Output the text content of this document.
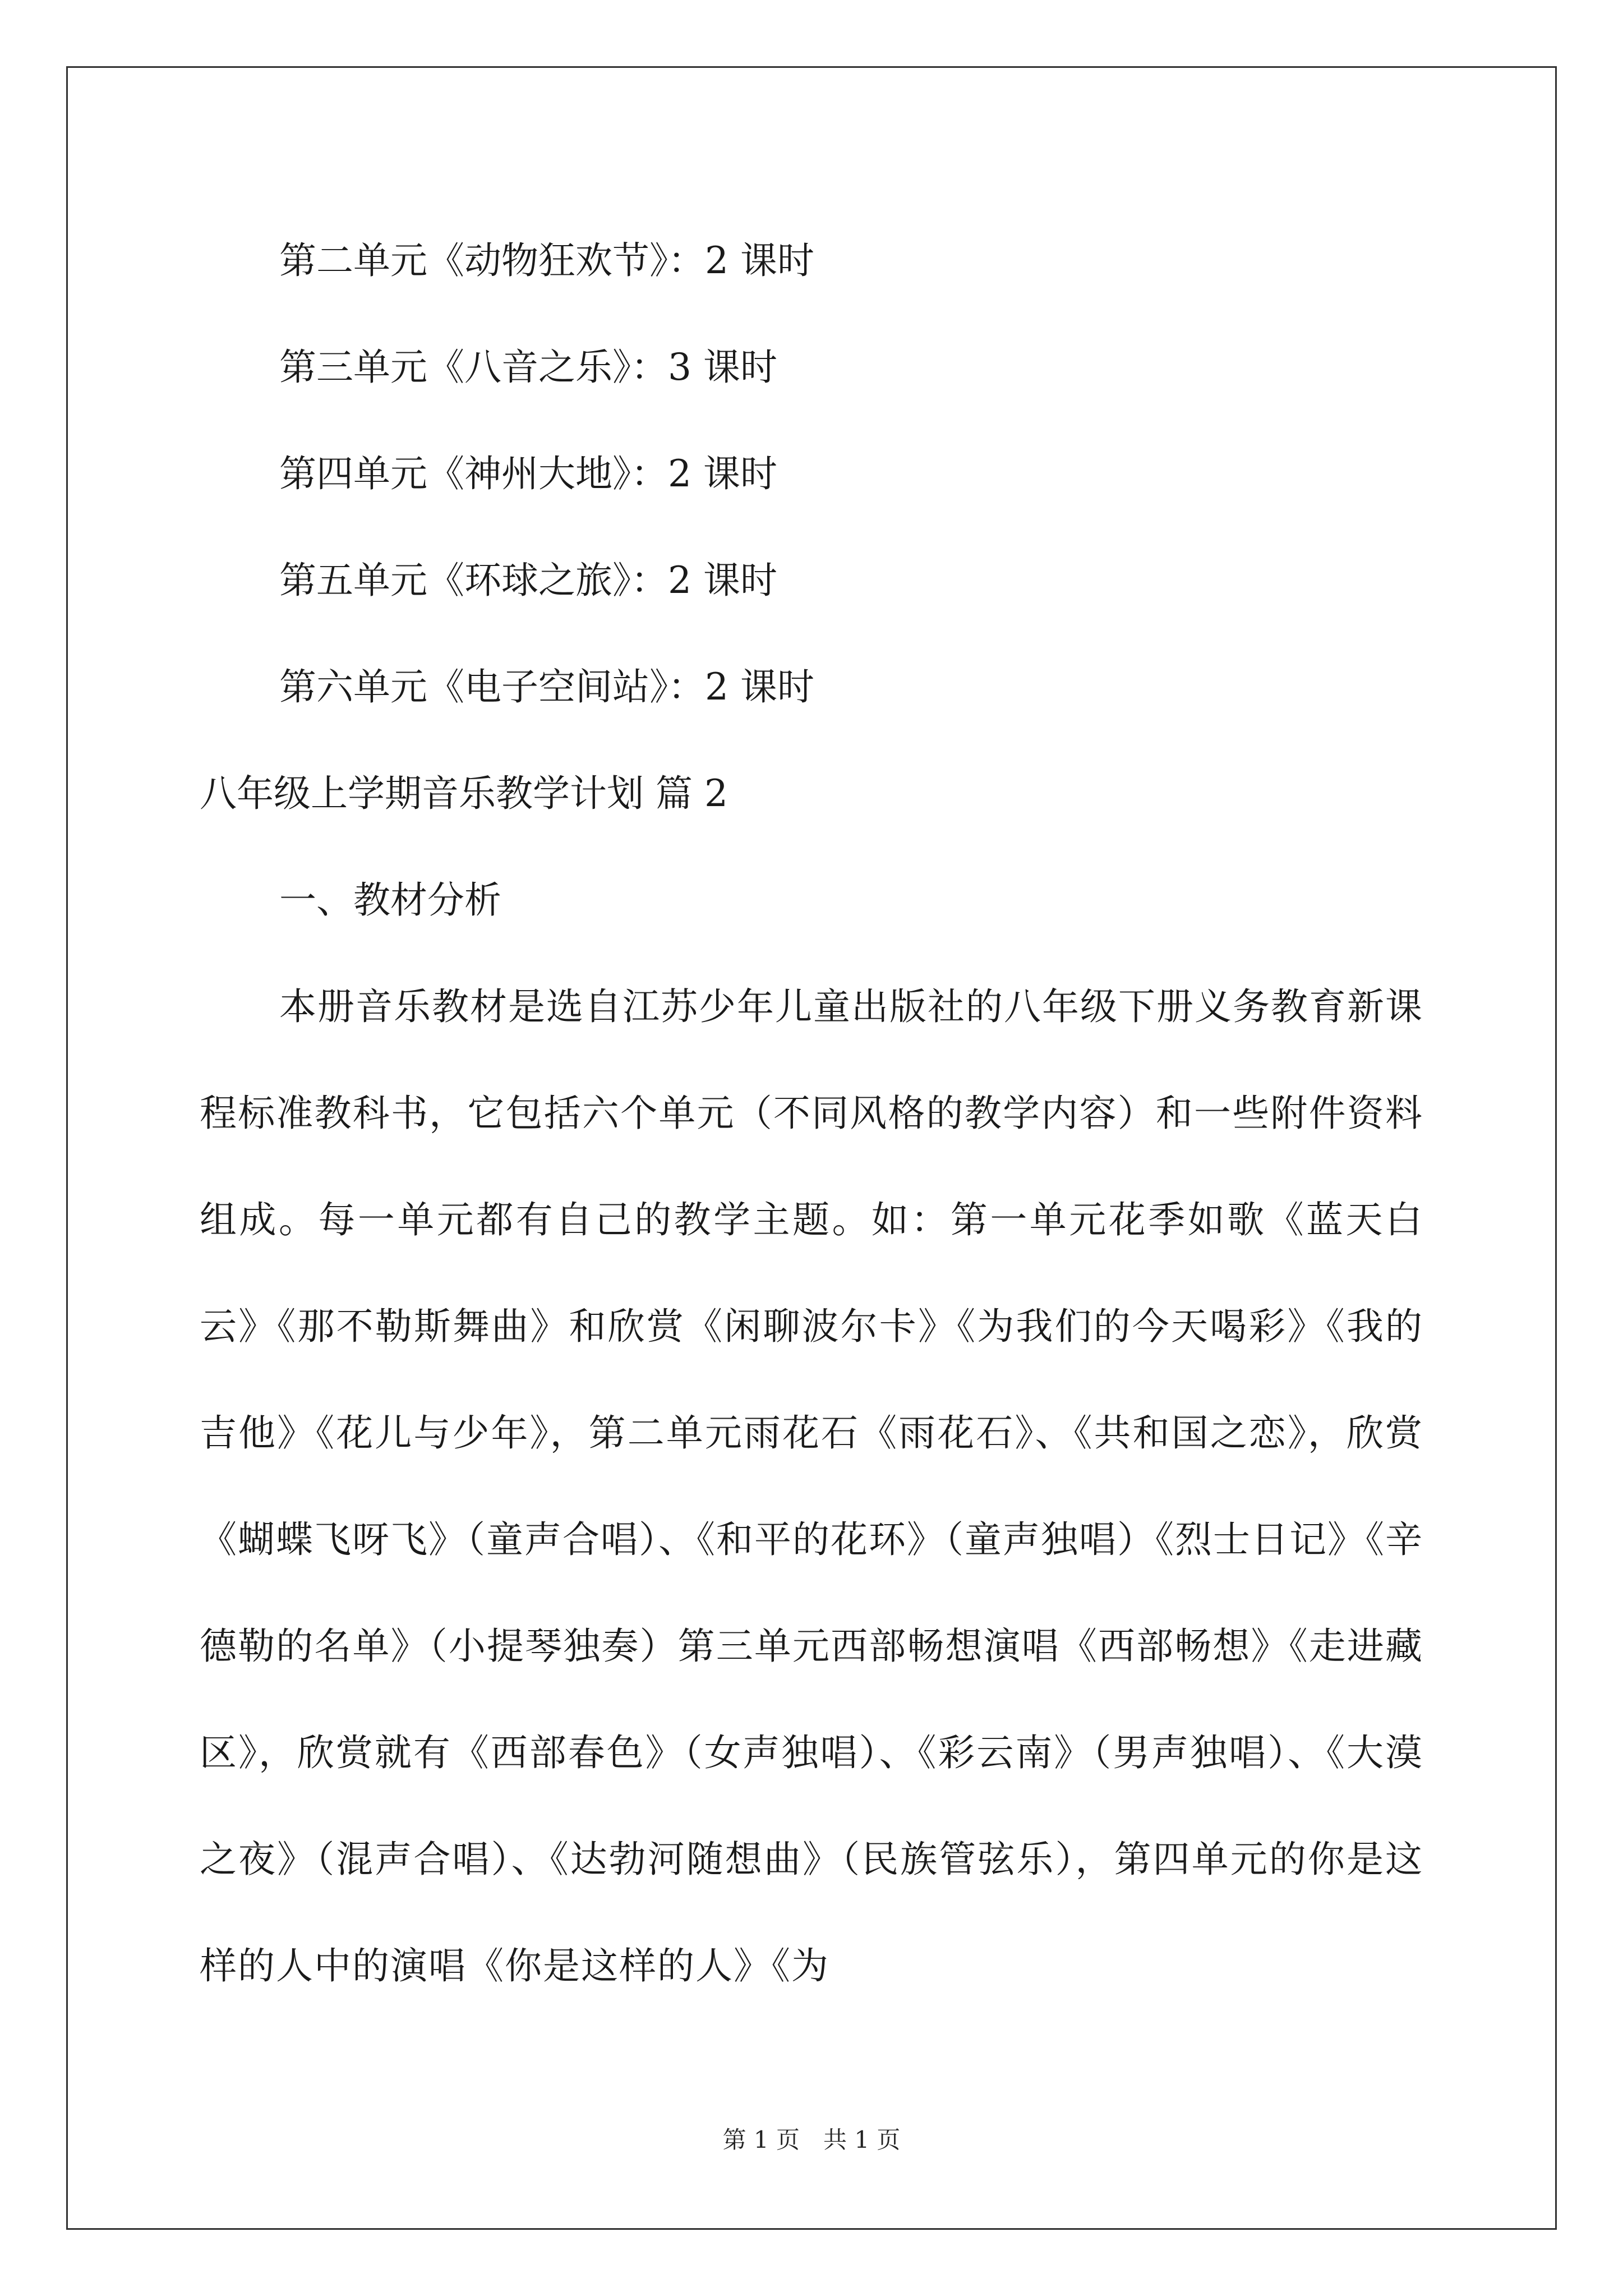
第二单元《动物狂欢节》：2 课时
第三单元《八音之乐》：3 课时
第四单元《神州大地》：2 课时
第五单元《环球之旅》：2 课时
第六单元《电子空间站》：2 课时
八年级上学期音乐教学计划 篇 2
一、教材分析
本册音乐教材是选自江苏少年儿童出版社的八年级下册义务教育新课程标准教科书，它包括六个单元（不同风格的教学内容）和一些附件资料组成。每一单元都有自己的教学主题。如：第一单元花季如歌《蓝天白云》《那不勒斯舞曲》和欣赏《闲聊波尔卡》《为我们的今天喝彩》《我的吉他》《花儿与少年》，第二单元雨花石《雨花石》、《共和国之恋》，欣赏《蝴蝶飞呀飞》（童声合唱）、《和平的花环》（童声独唱）《烈士日记》《辛德勒的名单》（小提琴独奏）第三单元西部畅想演唱《西部畅想》《走进藏区》，欣赏就有《西部春色》（女声独唱）、《彩云南》（男声独唱）、《大漠之夜》（混声合唱）、《达勃河随想曲》（民族管弦乐），第四单元的你是这样的人中的演唱《你是这样的人》《为
第 1 页　共 1 页
